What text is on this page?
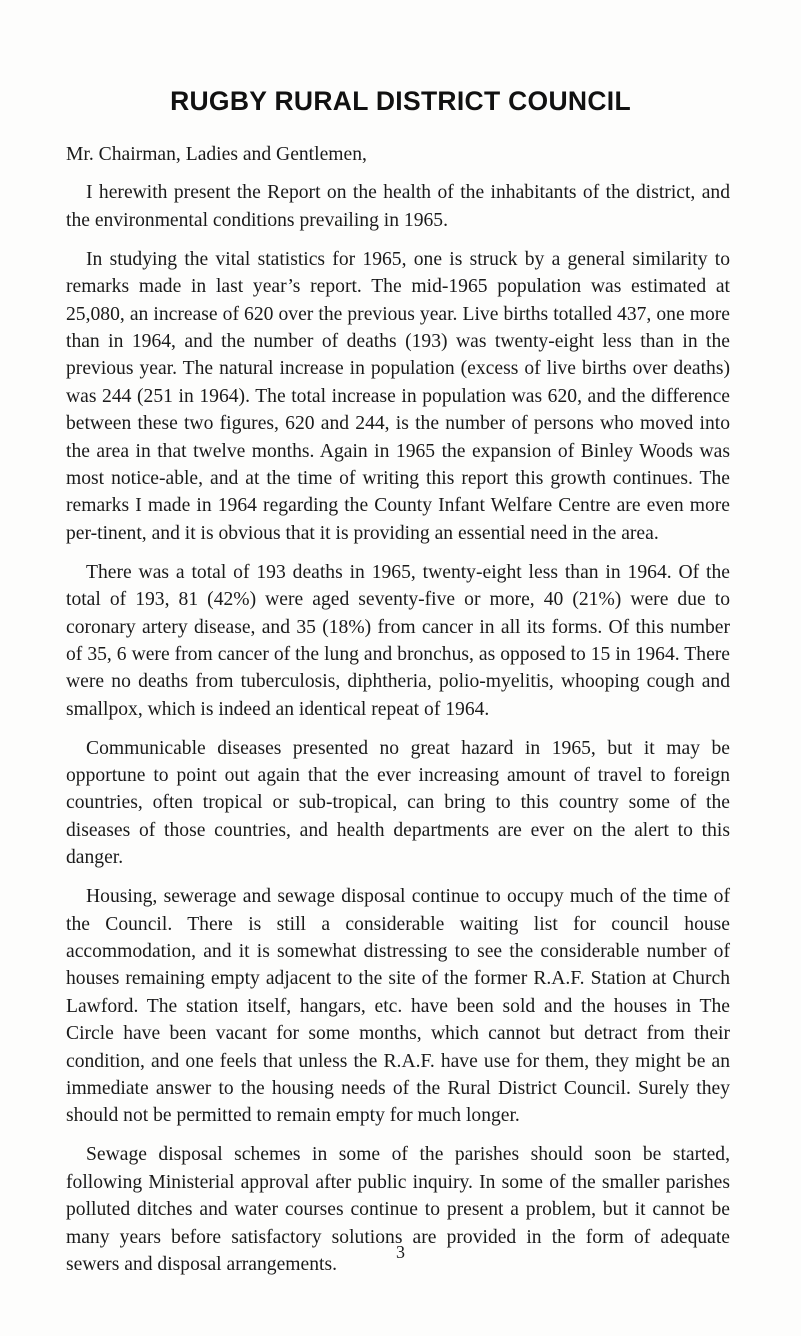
RUGBY RURAL DISTRICT COUNCIL

Mr. Chairman, Ladies and Gentlemen,

I herewith present the Report on the health of the inhabitants of the district, and the environmental conditions prevailing in 1965.

In studying the vital statistics for 1965, one is struck by a general similarity to remarks made in last year’s report. The mid-1965 population was estimated at 25,080, an increase of 620 over the previous year. Live births totalled 437, one more than in 1964, and the number of deaths (193) was twenty-eight less than in the previous year. The natural increase in population (excess of live births over deaths) was 244 (251 in 1964). The total increase in population was 620, and the difference between these two figures, 620 and 244, is the number of persons who moved into the area in that twelve months. Again in 1965 the expansion of Binley Woods was most notice-able, and at the time of writing this report this growth continues. The remarks I made in 1964 regarding the County Infant Welfare Centre are even more per-tinent, and it is obvious that it is providing an essential need in the area.

There was a total of 193 deaths in 1965, twenty-eight less than in 1964. Of the total of 193, 81 (42%) were aged seventy-five or more, 40 (21%) were due to coronary artery disease, and 35 (18%) from cancer in all its forms. Of this number of 35, 6 were from cancer of the lung and bronchus, as opposed to 15 in 1964. There were no deaths from tuberculosis, diphtheria, polio-myelitis, whooping cough and smallpox, which is indeed an identical repeat of 1964.

Communicable diseases presented no great hazard in 1965, but it may be opportune to point out again that the ever increasing amount of travel to foreign countries, often tropical or sub-tropical, can bring to this country some of the diseases of those countries, and health departments are ever on the alert to this danger.

Housing, sewerage and sewage disposal continue to occupy much of the time of the Council. There is still a considerable waiting list for council house accommodation, and it is somewhat distressing to see the considerable number of houses remaining empty adjacent to the site of the former R.A.F. Station at Church Lawford. The station itself, hangars, etc. have been sold and the houses in The Circle have been vacant for some months, which cannot but detract from their condition, and one feels that unless the R.A.F. have use for them, they might be an immediate answer to the housing needs of the Rural District Council. Surely they should not be permitted to remain empty for much longer.

Sewage disposal schemes in some of the parishes should soon be started, following Ministerial approval after public inquiry. In some of the smaller parishes polluted ditches and water courses continue to present a problem, but it cannot be many years before satisfactory solutions are provided in the form of adequate sewers and disposal arrangements.

3
